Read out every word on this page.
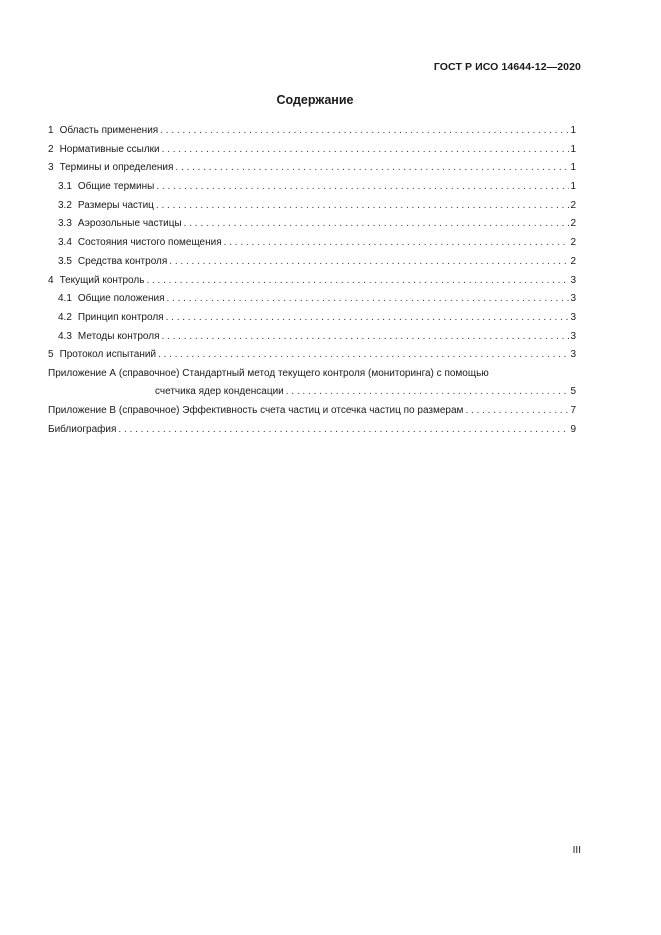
ГОСТ Р ИСО 14644-12—2020
Содержание
1 Область применения . . .	1
2 Нормативные ссылки . . .	1
3 Термины и определения . . .	1
3.1 Общие термины . . .	1
3.2 Размеры частиц . . .	2
3.3 Аэрозольные частицы . . .	2
3.4 Состояния чистого помещения . . .	2
3.5 Средства контроля . . .	2
4 Текущий контроль . . .	3
4.1 Общие положения . . .	3
4.2 Принцип контроля . . .	3
4.3 Методы контроля . . .	3
5 Протокол испытаний . . .	3
Приложение А (справочное) Стандартный метод текущего контроля (мониторинга) с помощью
счетчика ядер конденсации . . .	5
Приложение В (справочное) Эффективность счета частиц и отсечка частиц по размерам . . .	7
Библиография . . .	9
III
